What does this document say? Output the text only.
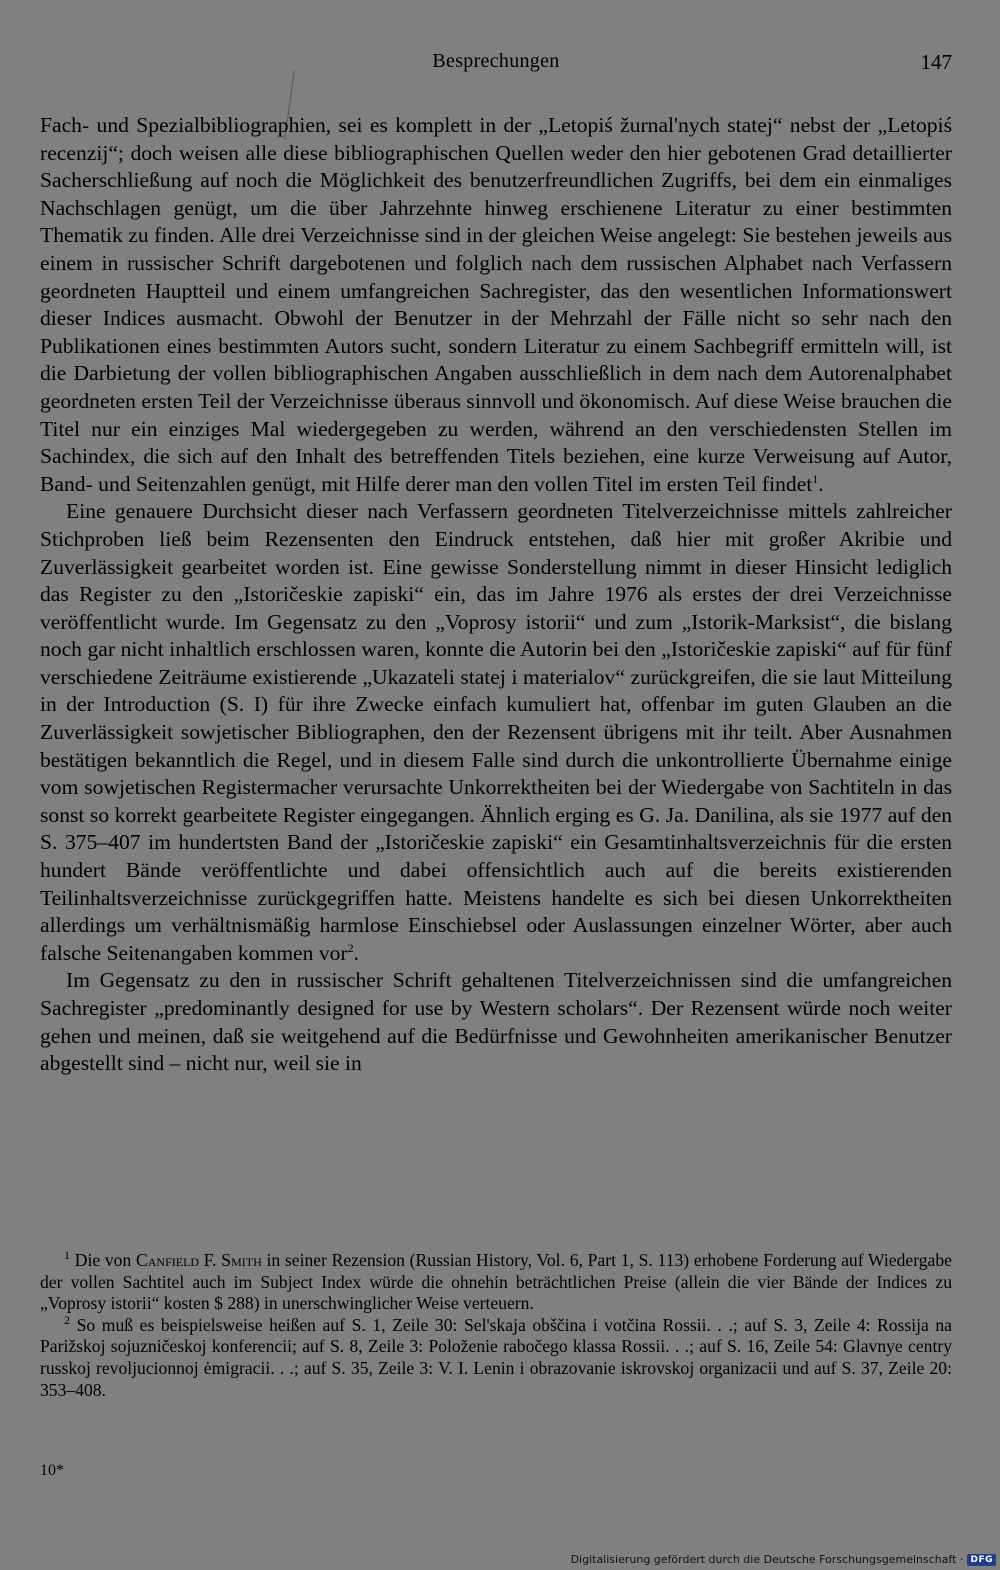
Besprechungen	147

Fach- und Spezialbibliographien, sei es komplett in der „Letopiś žurnal'nych statej“ nebst der „Letopiś recenzij“; doch weisen alle diese bibliographischen Quellen weder den hier gebotenen Grad detaillierter Sacherschließung auf noch die Möglichkeit des benutzerfreundlichen Zugriffs, bei dem ein einmaliges Nachschlagen genügt, um die über Jahrzehnte hinweg erschienene Literatur zu einer bestimmten Thematik zu finden. Alle drei Verzeichnisse sind in der gleichen Weise angelegt: Sie bestehen jeweils aus einem in russischer Schrift dargebotenen und folglich nach dem russischen Alphabet nach Verfassern geordneten Hauptteil und einem umfangreichen Sachregister, das den wesentlichen Informationswert dieser Indices ausmacht. Obwohl der Benutzer in der Mehrzahl der Fälle nicht so sehr nach den Publikationen eines bestimmten Autors sucht, sondern Literatur zu einem Sachbegriff ermitteln will, ist die Darbietung der vollen bibliographischen Angaben ausschließlich in dem nach dem Autorenalphabet geordneten ersten Teil der Verzeichnisse überaus sinnvoll und ökonomisch. Auf diese Weise brauchen die Titel nur ein einziges Mal wiedergegeben zu werden, während an den verschiedensten Stellen im Sachindex, die sich auf den Inhalt des betreffenden Titels beziehen, eine kurze Verweisung auf Autor, Band- und Seitenzahlen genügt, mit Hilfe derer man den vollen Titel im ersten Teil findet$^1$.

Eine genauere Durchsicht dieser nach Verfassern geordneten Titelverzeichnisse mittels zahlreicher Stichproben ließ beim Rezensenten den Eindruck entstehen, daß hier mit großer Akribie und Zuverlässigkeit gearbeitet worden ist. Eine gewisse Sonderstellung nimmt in dieser Hinsicht lediglich das Register zu den „Istoričeskie zapiski“ ein, das im Jahre 1976 als erstes der drei Verzeichnisse veröffentlicht wurde. Im Gegensatz zu den „Voprosy istorii“ und zum „Istorik-Marksist“, die bislang noch gar nicht inhaltlich erschlossen waren, konnte die Autorin bei den „Istoričeskie zapiski“ auf für fünf verschiedene Zeiträume existierende „Ukazateli statej i materialov“ zurückgreifen, die sie laut Mitteilung in der Introduction (S. I) für ihre Zwecke einfach kumuliert hat, offenbar im guten Glauben an die Zuverlässigkeit sowjetischer Bibliographen, den der Rezensent übrigens mit ihr teilt. Aber Ausnahmen bestätigen bekanntlich die Regel, und in diesem Falle sind durch die unkontrollierte Übernahme einige vom sowjetischen Registermacher verursachte Unkorrektheiten bei der Wiedergabe von Sachtiteln in das sonst so korrekt gearbeitete Register eingegangen. Ähnlich erging es G. Ja. Danilina, als sie 1977 auf den S. 375–407 im hundertsten Band der „Istoričeskie zapiski“ ein Gesamtinhaltsverzeichnis für die ersten hundert Bände veröffentlichte und dabei offensichtlich auch auf die bereits existierenden Teilinhaltsverzeichnisse zurückgegriffen hatte. Meistens handelte es sich bei diesen Unkorrektheiten allerdings um verhältnismäßig harmlose Einschiebsel oder Auslassungen einzelner Wörter, aber auch falsche Seitenangaben kommen vor$^2$.

Im Gegensatz zu den in russischer Schrift gehaltenen Titelverzeichnissen sind die umfangreichen Sachregister „predominantly designed for use by Western scholars“. Der Rezensent würde noch weiter gehen und meinen, daß sie weitgehend auf die Bedürfnisse und Gewohnheiten amerikanischer Benutzer abgestellt sind – nicht nur, weil sie in

$^1$ Die von Canfield F. Smith in seiner Rezension (Russian History, Vol. 6, Part 1, S. 113) erhobene Forderung auf Wiedergabe der vollen Sachtitel auch im Subject Index würde die ohnehin beträchtlichen Preise (allein die vier Bände der Indices zu „Voprosy istorii“ kosten $ 288) in unerschwinglicher Weise verteuern.

$^2$ So muß es beispielsweise heißen auf S. 1, Zeile 30: Sel'skaja obščina i votčina Rossii. . .; auf S. 3, Zeile 4: Rossija na Parižskoj sojuzničeskoj konferencii; auf S. 8, Zeile 3: Položenie rabočego klassa Rossii. . .; auf S. 16, Zeile 54: Glavnye centry russkoj revoljucionnoj ėmigracii. . .; auf S. 35, Zeile 3: V. I. Lenin i obrazovanie iskrovskoj organizacii und auf S. 37, Zeile 20: 353–408.

10*
Digitalisierung gefördert durch die Deutsche Forschungsgemeinschaft · DFG
